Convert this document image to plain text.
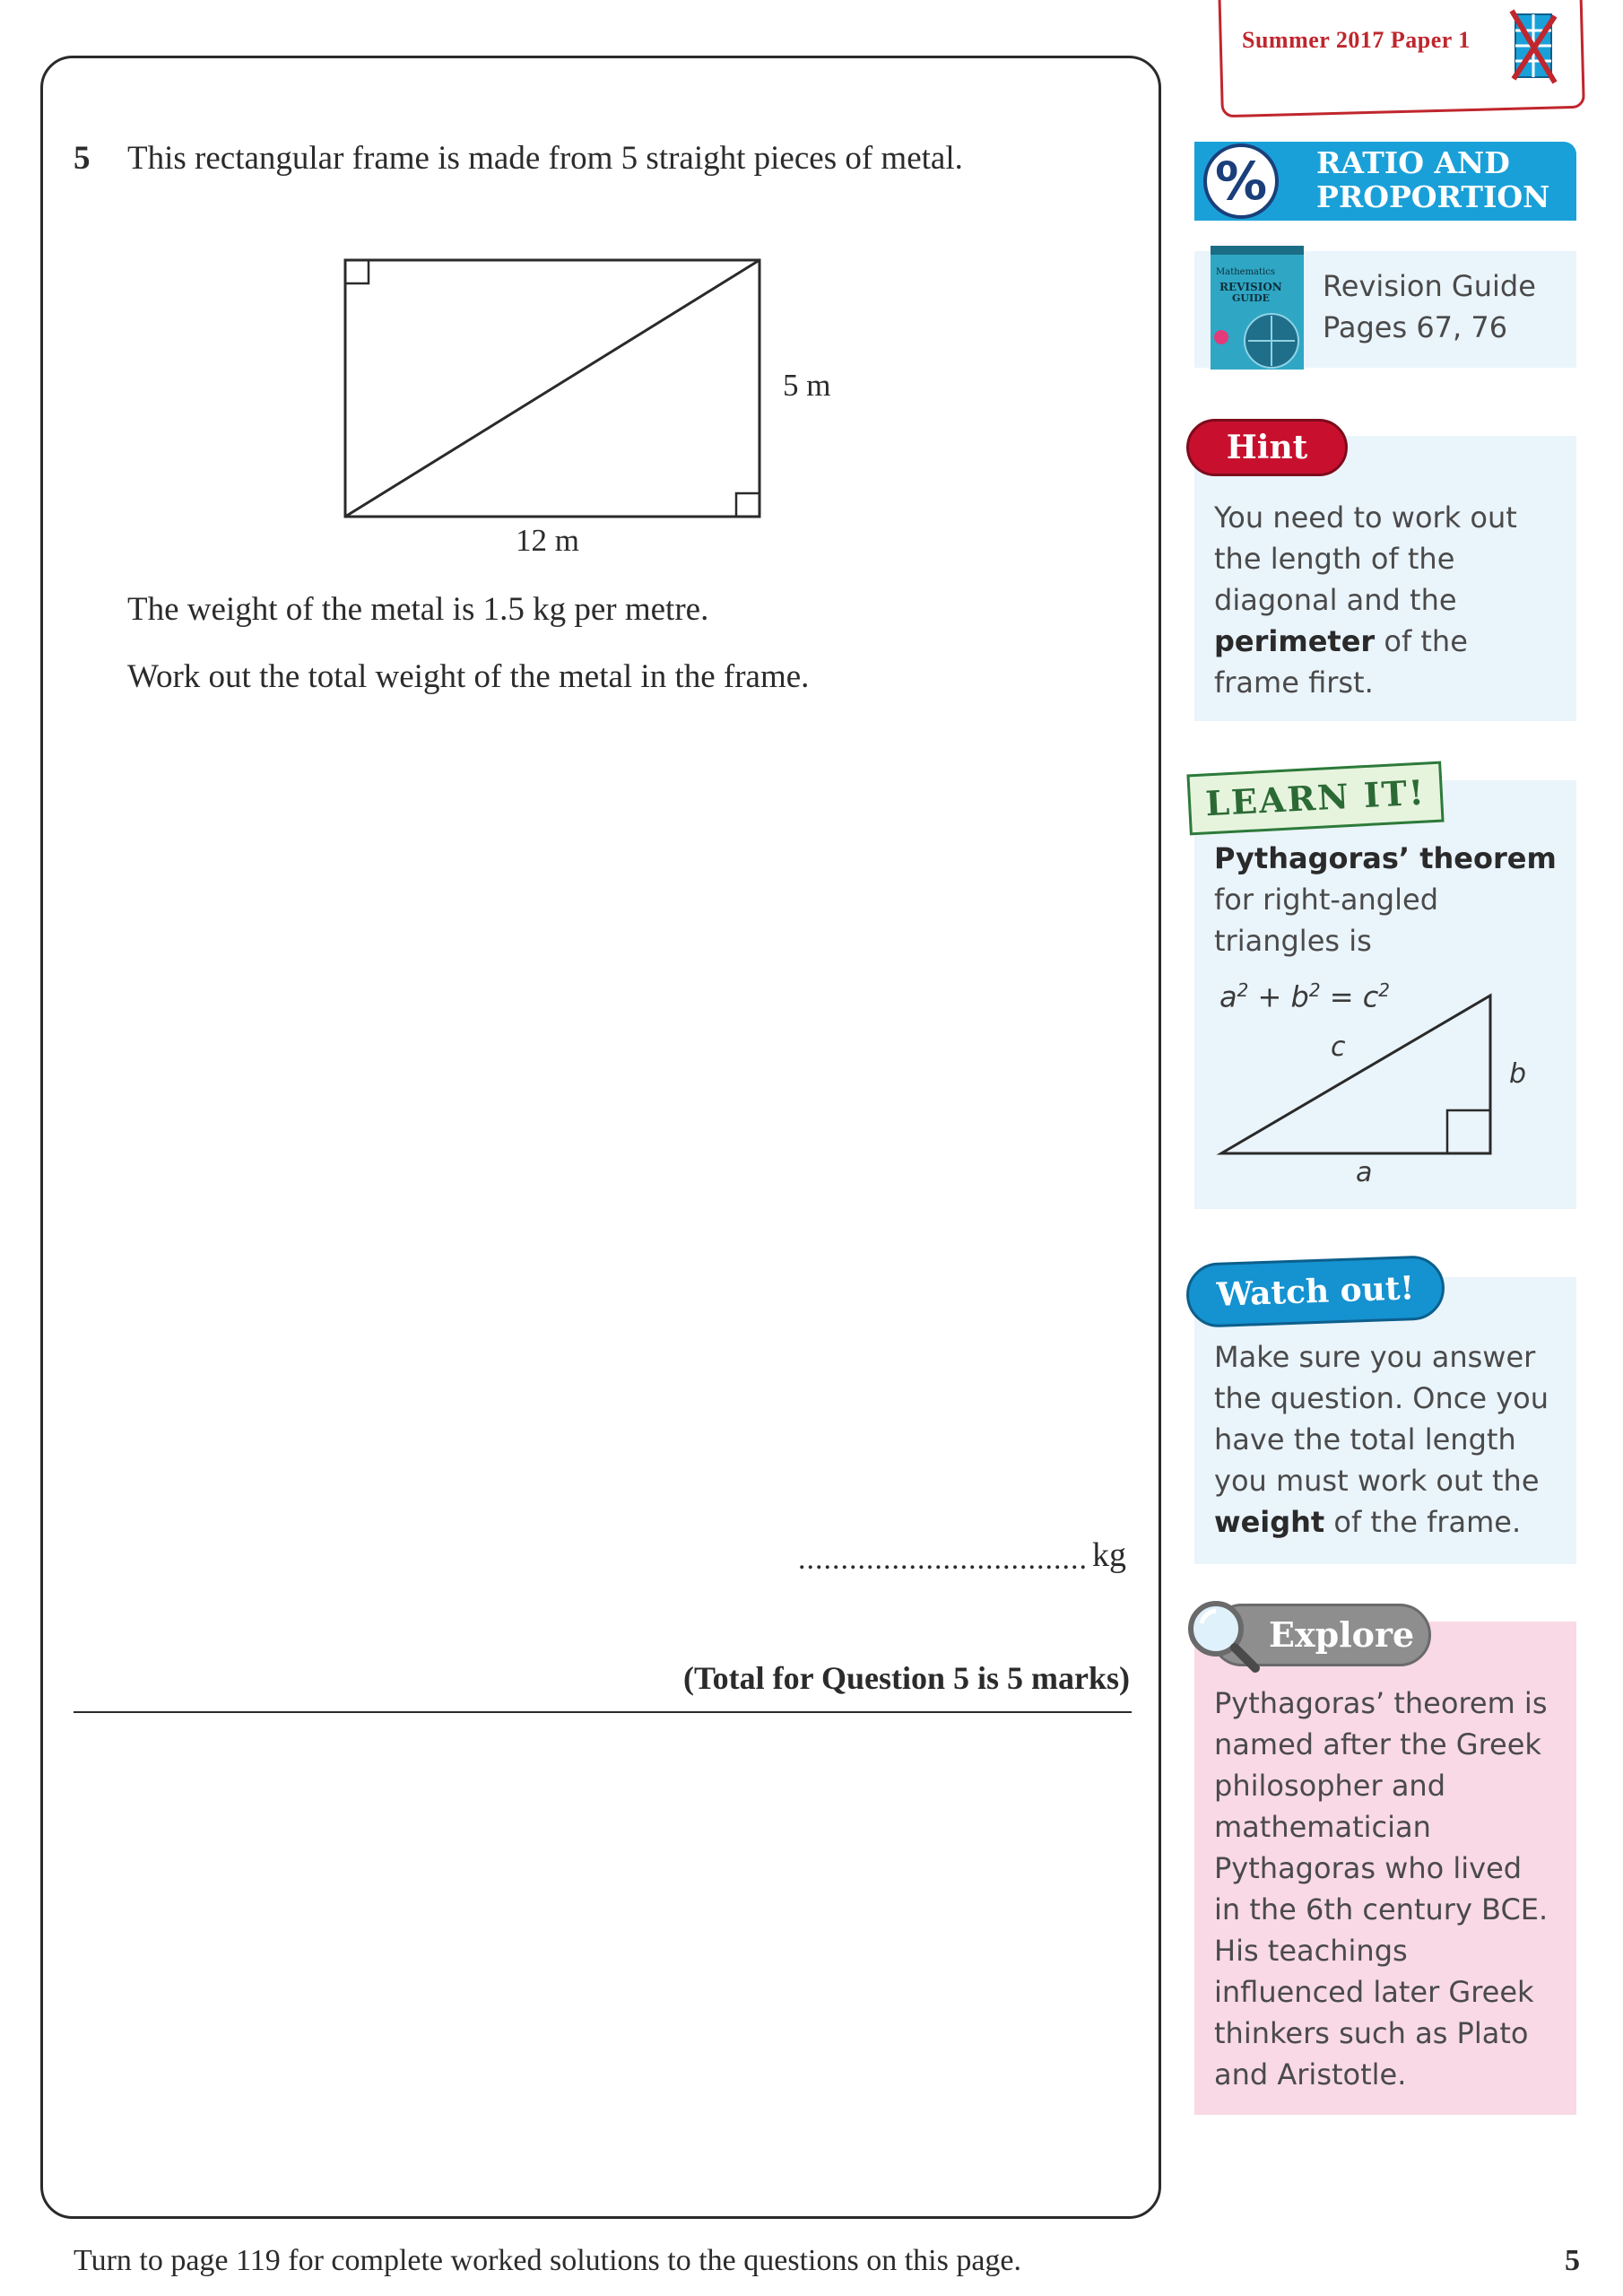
Summer 2017 Paper 1
5 This rectangular frame is made from 5 straight pieces of metal.
5 m
12 m
The weight of the metal is 1.5 kg per metre.
Work out the total weight of the metal in the frame.
.................................. kg
(Total for Question 5 is 5 marks)
Turn to page 119 for complete worked solutions to the questions on this page.	5
%	RATIO AND
PROPORTION
Mathematics
REVISION
GUIDE Revision Guide
Pages 67, 76
You need to work out the length of the diagonal and the perimeter of the frame first.
Hint
Pythagoras’ theorem for right-angled triangles is
LEARN IT!
$a^2 + b^2 = c^2$
c
b
a
Make sure you answer the question. Once you have the total length you must work out the weight of the frame.
Watch out!
Pythagoras’ theorem is named after the Greek philosopher and mathematician Pythagoras who lived in the 6th century BCE. His teachings influenced later Greek thinkers such as Plato and Aristotle.
Explore
